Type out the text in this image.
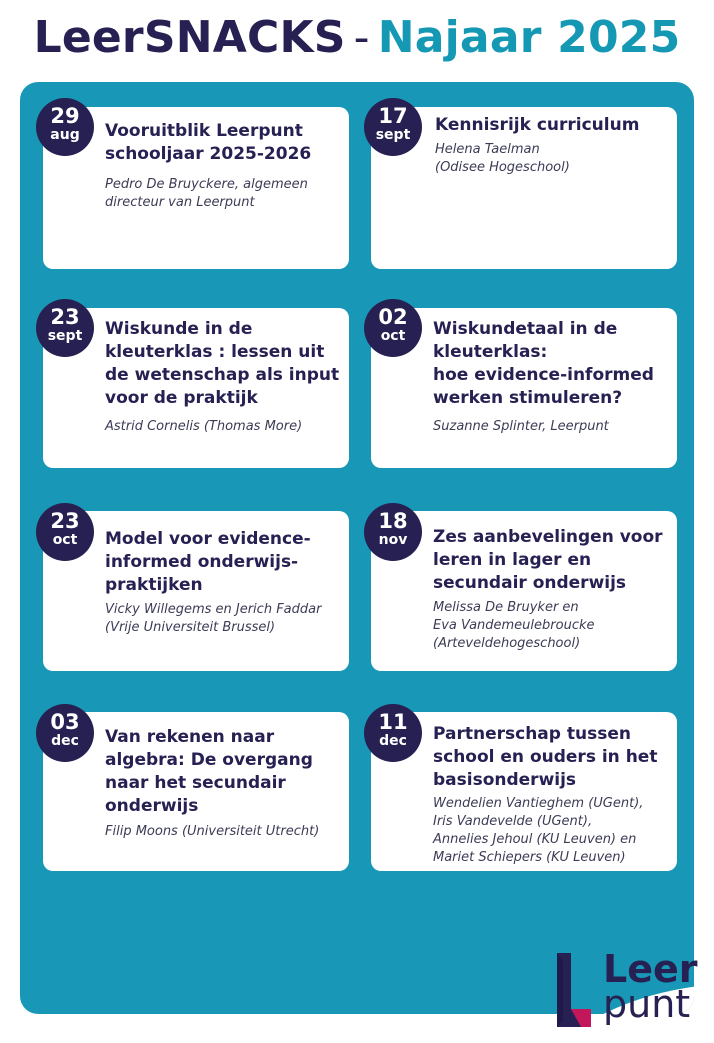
LeerSNACKS - Najaar 2025
Vooruitblik Leerpunt
schooljaar 2025-2026
Pedro De Bruyckere, algemeen
directeur van Leerpunt
Kennisrijk curriculum
Helena Taelman
(Odisee Hogeschool)
Wiskunde in de
kleuterklas : lessen uit
de wetenschap als input
voor de praktijk
Astrid Cornelis (Thomas More)
Wiskundetaal in de
kleuterklas:
hoe evidence-informed
werken stimuleren?
Suzanne Splinter, Leerpunt
Model voor evidence-
informed onderwijs-
praktijken
Vicky Willegems en Jerich Faddar
(Vrije Universiteit Brussel)
Zes aanbevelingen voor
leren in lager en
secundair onderwijs
Melissa De Bruyker en
Eva Vandemeulebroucke
(Arteveldehogeschool)
Van rekenen naar
algebra: De overgang
naar het secundair
onderwijs
Filip Moons (Universiteit Utrecht)
Partnerschap tussen
school en ouders in het
basisonderwijs
Wendelien Vantieghem (UGent),
Iris Vandevelde (UGent),
Annelies Jehoul (KU Leuven) en
Mariet Schiepers (KU Leuven)
29
aug
17
sept
23
sept
02
oct
23
oct
18
nov
03
dec
11
dec
Leer
punt
